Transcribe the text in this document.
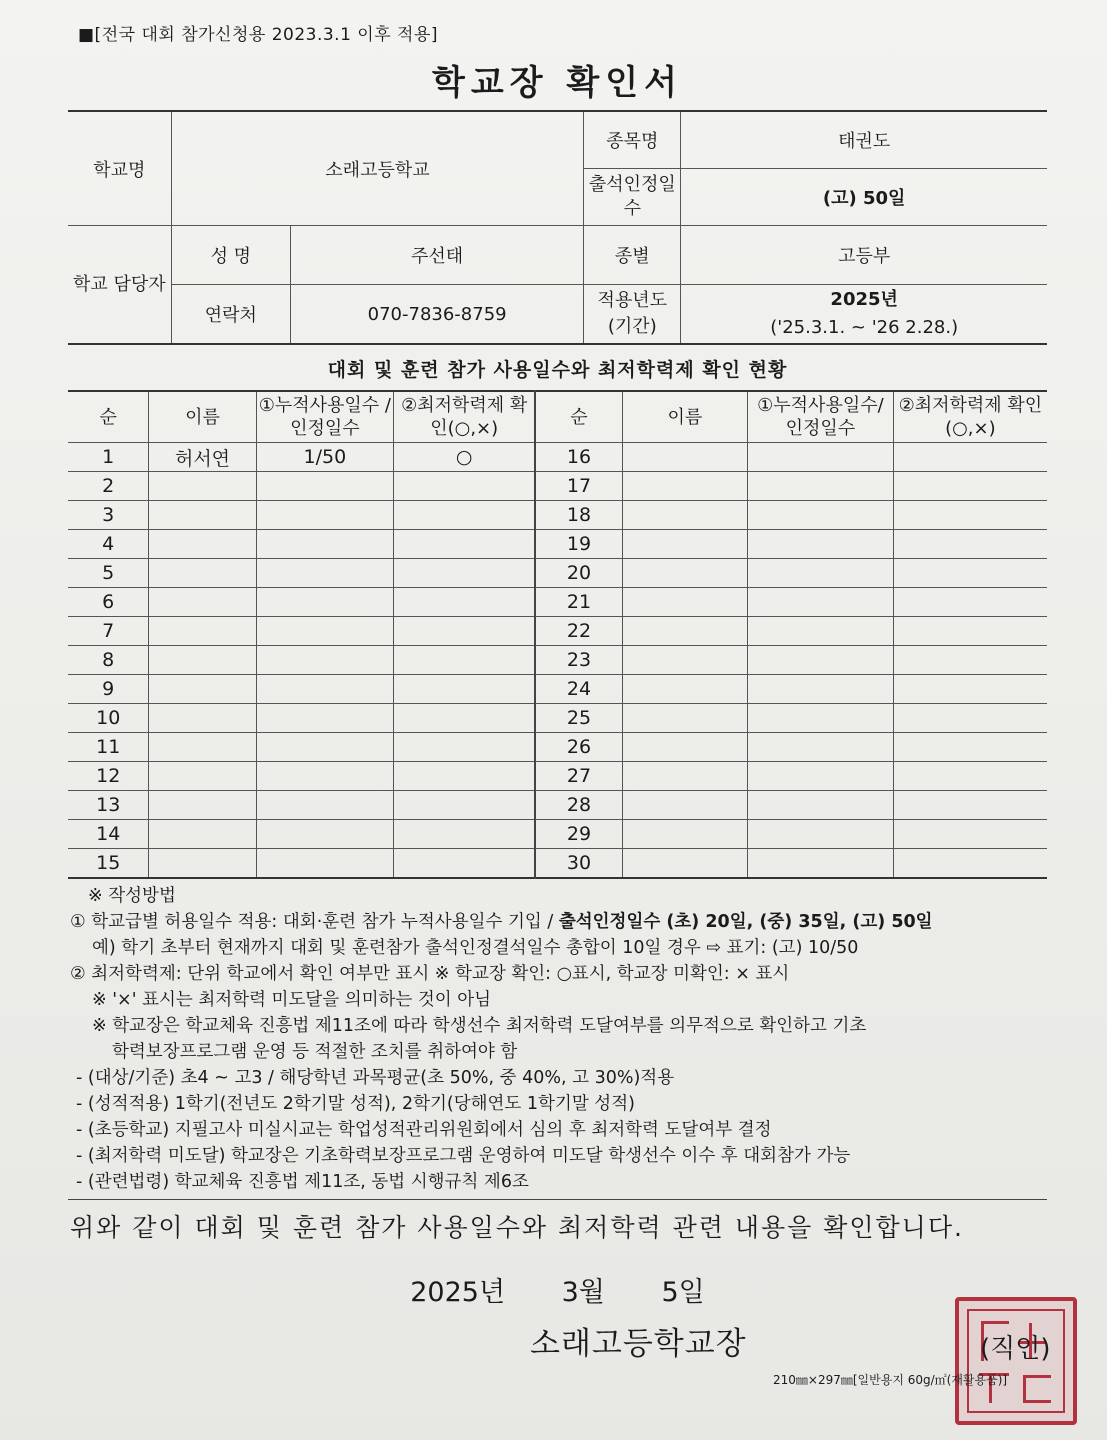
■[전국 대회 참가신청용 2023.3.1 이후 적용]
학교장 확인서
학교명	소래고등학교		종목명	태권도
			출석인정일수	(고) 50일
학교 담당자	성 명	주선태	종별	고등부
	연락처	070-7836-8759	적용년도 (기간)	2025년
('25.3.1. ~ '26 2.28.)
대회 및 훈련 참가 사용일수와 최저학력제 확인 현황
순	이름	①누적사용일수 /인정일수	②최저학력제 확인(○,×)	순	이름	①누적사용일수/ 인정일수	②최저학력제 확인(○,×)
1	허서연	1/50	○	16			
2				17			
3				18			
4				19			
5				20			
6				21			
7				22			
8				23			
9				24			
10				25			
11				26			
12				27			
13				28			
14				29			
15				30			
※ 작성방법
① 학교급별 허용일수 적용: 대회·훈련 참가 누적사용일수 기입 / 출석인정일수 (초) 20일, (중) 35일, (고) 50일
예) 학기 초부터 현재까지 대회 및 훈련참가 출석인정결석일수 총합이 10일 경우 ⇨ 표기: (고) 10/50
② 최저학력제: 단위 학교에서 확인 여부만 표시 ※ 학교장 확인: ○표시, 학교장 미확인: × 표시
※ '×' 표시는 최저학력 미도달을 의미하는 것이 아님
※ 학교장은 학교체육 진흥법 제11조에 따라 학생선수 최저학력 도달여부를 의무적으로 확인하고 기초
학력보장프로그램 운영 등 적절한 조치를 취하여야 함
- (대상/기준) 초4 ~ 고3 / 해당학년 과목평균(초 50%, 중 40%, 고 30%)적용
- (성적적용) 1학기(전년도 2학기말 성적), 2학기(당해연도 1학기말 성적)
- (초등학교) 지필고사 미실시교는 학업성적관리위원회에서 심의 후 최저학력 도달여부 결정
- (최저학력 미도달) 학교장은 기초학력보장프로그램 운영하여 미도달 학생선수 이수 후 대회참가 가능
- (관련법령) 학교체육 진흥법 제11조, 동법 시행규칙 제6조
위와 같이 대회 및 훈련 참가 사용일수와 최저학력 관련 내용을 확인합니다.
2025년 3월 5일
소래고등학교장	(직인)
210㎜×297㎜[일반용지 60g/㎡(재활용품)]
